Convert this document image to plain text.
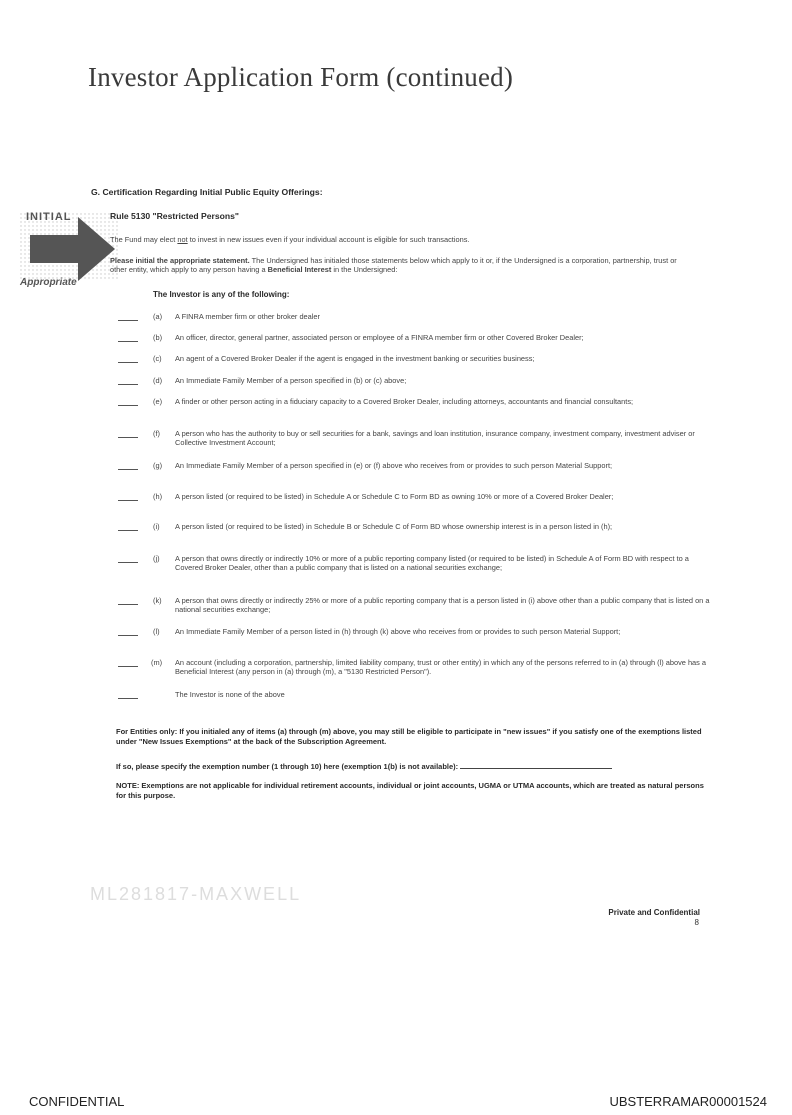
Investor Application Form (continued)
INITIAL
Appropriate
G. Certification Regarding Initial Public Equity Offerings:
Rule 5130 "Restricted Persons"
The Fund may elect not to invest in new issues even if your individual account is eligible for such transactions.
Please initial the appropriate statement. The Undersigned has initialed those statements below which apply to it or, if the Undersigned is a corporation, partnership, trust or other entity, which apply to any person having a Beneficial Interest in the Undersigned:
The Investor is any of the following:
(a) A FINRA member firm or other broker dealer
(b) An officer, director, general partner, associated person or employee of a FINRA member firm or other Covered Broker Dealer;
(c) An agent of a Covered Broker Dealer if the agent is engaged in the investment banking or securities business;
(d) An Immediate Family Member of a person specified in (b) or (c) above;
(e) A finder or other person acting in a fiduciary capacity to a Covered Broker Dealer, including attorneys, accountants and financial consultants;
(f) A person who has the authority to buy or sell securities for a bank, savings and loan institution, insurance company, investment company, investment adviser or Collective Investment Account;
(g) An Immediate Family Member of a person specified in (e) or (f) above who receives from or provides to such person Material Support;
(h) A person listed (or required to be listed) in Schedule A or Schedule C to Form BD as owning 10% or more of a Covered Broker Dealer;
(i) A person listed (or required to be listed) in Schedule B or Schedule C of Form BD whose ownership interest is in a person listed in (h);
(j) A person that owns directly or indirectly 10% or more of a public reporting company listed (or required to be listed) in Schedule A of Form BD with respect to a Covered Broker Dealer, other than a public company that is listed on a national securities exchange;
(k) A person that owns directly or indirectly 25% or more of a public reporting company that is a person listed in (i) above other than a public company that is listed on a national securities exchange;
(l) An Immediate Family Member of a person listed in (h) through (k) above who receives from or provides to such person Material Support;
(m) An account (including a corporation, partnership, limited liability company, trust or other entity) in which any of the persons referred to in (a) through (l) above has a Beneficial Interest (any person in (a) through (m), a "5130 Restricted Person").
The Investor is none of the above
For Entities only: If you initialed any of items (a) through (m) above, you may still be eligible to participate in "new issues" if you satisfy one of the exemptions listed under "New Issues Exemptions" at the back of the Subscription Agreement.
If so, please specify the exemption number (1 through 10) here (exemption 1(b) is not available):
NOTE: Exemptions are not applicable for individual retirement accounts, individual or joint accounts, UGMA or UTMA accounts, which are treated as natural persons for this purpose.
ML281817-MAXWELL
Private and Confidential
8
CONFIDENTIAL	UBSTERRAMAR00001524
